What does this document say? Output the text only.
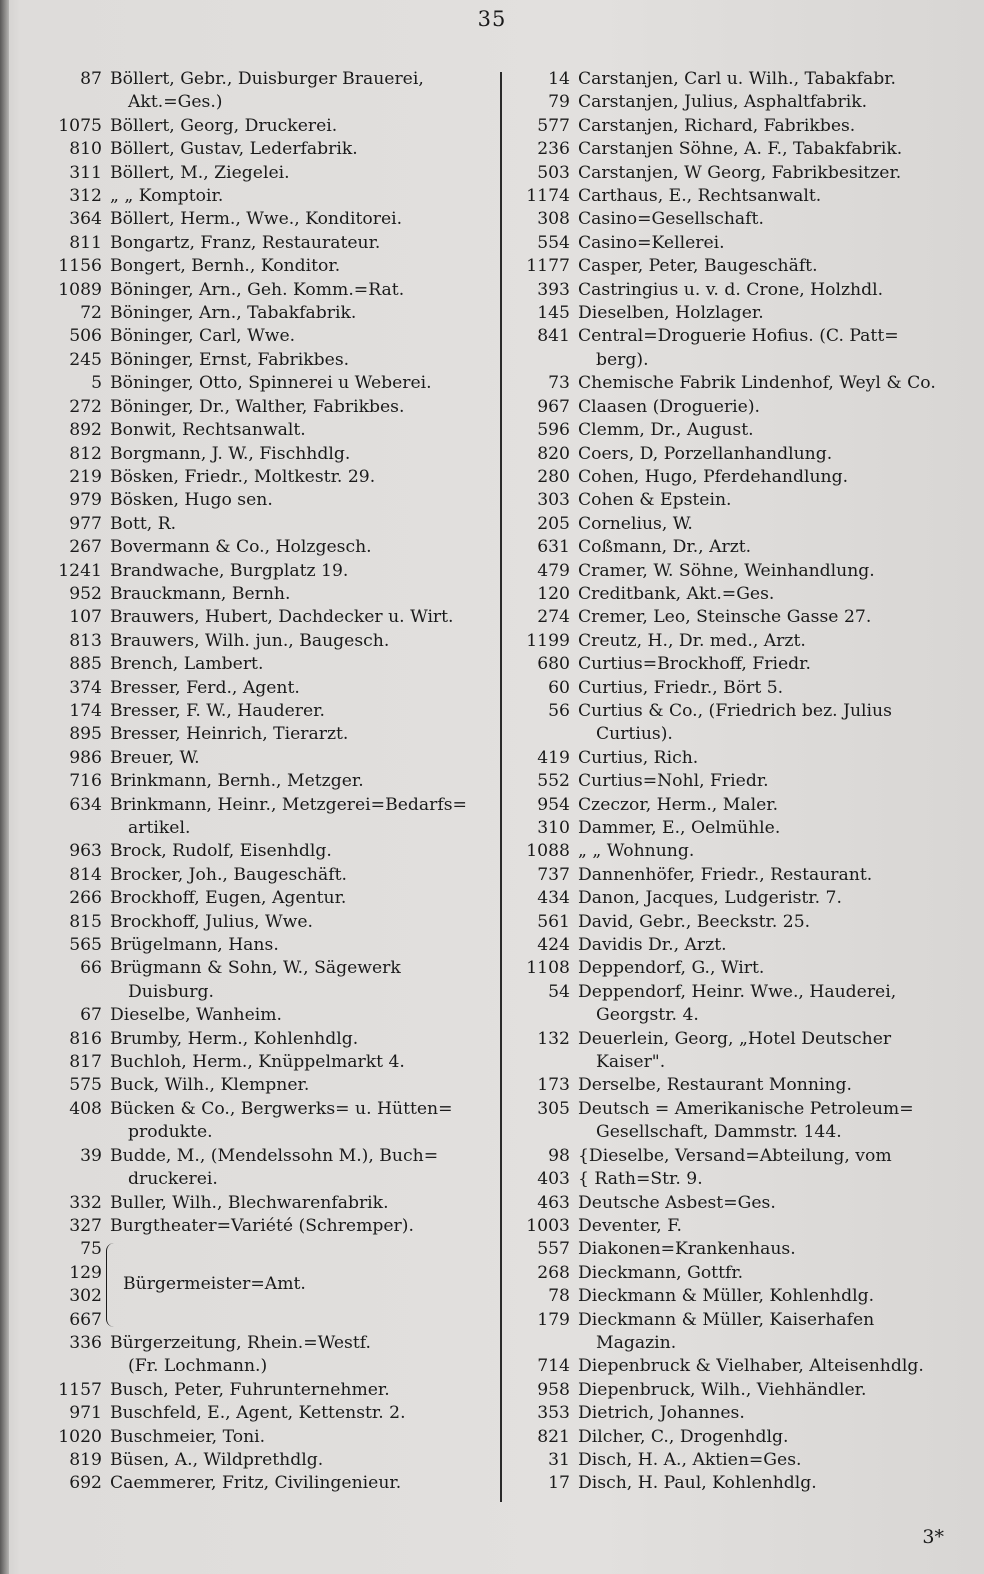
35
87 Böllert, Gebr., Duisburger Brauerei,
Akt.=Ges.)
1075 Böllert, Georg, Druckerei.
810 Böllert, Gustav, Lederfabrik.
311 Böllert, M., Ziegelei.
312 „ „ Komptoir.
364 Böllert, Herm., Wwe., Konditorei.
811 Bongartz, Franz, Restaurateur.
1156 Bongert, Bernh., Konditor.
1089 Böninger, Arn., Geh. Komm.=Rat.
72 Böninger, Arn., Tabakfabrik.
506 Böninger, Carl, Wwe.
245 Böninger, Ernst, Fabrikbes.
5 Böninger, Otto, Spinnerei u Weberei.
272 Böninger, Dr., Walther, Fabrikbes.
892 Bonwit, Rechtsanwalt.
812 Borgmann, J. W., Fischhdlg.
219 Bösken, Friedr., Moltkestr. 29.
979 Bösken, Hugo sen.
977 Bott, R.
267 Bovermann & Co., Holzgesch.
1241 Brandwache, Burgplatz 19.
952 Brauckmann, Bernh.
107 Brauwers, Hubert, Dachdecker u. Wirt.
813 Brauwers, Wilh. jun., Baugesch.
885 Brench, Lambert.
374 Bresser, Ferd., Agent.
174 Bresser, F. W., Hauderer.
895 Bresser, Heinrich, Tierarzt.
986 Breuer, W.
716 Brinkmann, Bernh., Metzger.
634 Brinkmann, Heinr., Metzgerei=Bedarfs=
artikel.
963 Brock, Rudolf, Eisenhdlg.
814 Brocker, Joh., Baugeschäft.
266 Brockhoff, Eugen, Agentur.
815 Brockhoff, Julius, Wwe.
565 Brügelmann, Hans.
66 Brügmann & Sohn, W., Sägewerk
Duisburg.
67 Dieselbe, Wanheim.
816 Brumby, Herm., Kohlenhdlg.
817 Buchloh, Herm., Knüppelmarkt 4.
575 Buck, Wilh., Klempner.
408 Bücken & Co., Bergwerks= u. Hütten=
produkte.
39 Budde, M., (Mendelssohn M.), Buch=
druckerei.
332 Buller, Wilh., Blechwarenfabrik.
327 Burgtheater=Variété (Schremper).
75
129
302
667
Bürgermeister=Amt.
336 Bürgerzeitung, Rhein.=Westf.
(Fr. Lochmann.)
1157 Busch, Peter, Fuhrunternehmer.
971 Buschfeld, E., Agent, Kettenstr. 2.
1020 Buschmeier, Toni.
819 Büsen, A., Wildprethdlg.
692 Caemmerer, Fritz, Civilingenieur.
14 Carstanjen, Carl u. Wilh., Tabakfabr.
79 Carstanjen, Julius, Asphaltfabrik.
577 Carstanjen, Richard, Fabrikbes.
236 Carstanjen Söhne, A. F., Tabakfabrik.
503 Carstanjen, W Georg, Fabrikbesitzer.
1174 Carthaus, E., Rechtsanwalt.
308 Casino=Gesellschaft.
554 Casino=Kellerei.
1177 Casper, Peter, Baugeschäft.
393 Castringius u. v. d. Crone, Holzhdl.
145 Dieselben, Holzlager.
841 Central=Droguerie Hofius. (C. Patt=
berg).
73 Chemische Fabrik Lindenhof, Weyl & Co.
967 Claasen (Droguerie).
596 Clemm, Dr., August.
820 Coers, D, Porzellanhandlung.
280 Cohen, Hugo, Pferdehandlung.
303 Cohen & Epstein.
205 Cornelius, W.
631 Coßmann, Dr., Arzt.
479 Cramer, W. Söhne, Weinhandlung.
120 Creditbank, Akt.=Ges.
274 Cremer, Leo, Steinsche Gasse 27.
1199 Creutz, H., Dr. med., Arzt.
680 Curtius=Brockhoff, Friedr.
60 Curtius, Friedr., Bört 5.
56 Curtius & Co., (Friedrich bez. Julius
Curtius).
419 Curtius, Rich.
552 Curtius=Nohl, Friedr.
954 Czeczor, Herm., Maler.
310 Dammer, E., Oelmühle.
1088 „ „ Wohnung.
737 Dannenhöfer, Friedr., Restaurant.
434 Danon, Jacques, Ludgeristr. 7.
561 David, Gebr., Beeckstr. 25.
424 Davidis Dr., Arzt.
1108 Deppendorf, G., Wirt.
54 Deppendorf, Heinr. Wwe., Hauderei,
Georgstr. 4.
132 Deuerlein, Georg, „Hotel Deutscher
Kaiser".
173 Derselbe, Restaurant Monning.
305 Deutsch = Amerikanische Petroleum=
Gesellschaft, Dammstr. 144.
98 {Dieselbe, Versand=Abteilung, vom
403 { Rath=Str. 9.
463 Deutsche Asbest=Ges.
1003 Deventer, F.
557 Diakonen=Krankenhaus.
268 Dieckmann, Gottfr.
78 Dieckmann & Müller, Kohlenhdlg.
179 Dieckmann & Müller, Kaiserhafen
Magazin.
714 Diepenbruck & Vielhaber, Alteisenhdlg.
958 Diepenbruck, Wilh., Viehhändler.
353 Dietrich, Johannes.
821 Dilcher, C., Drogenhdlg.
31 Disch, H. A., Aktien=Ges.
17 Disch, H. Paul, Kohlenhdlg.
3*
